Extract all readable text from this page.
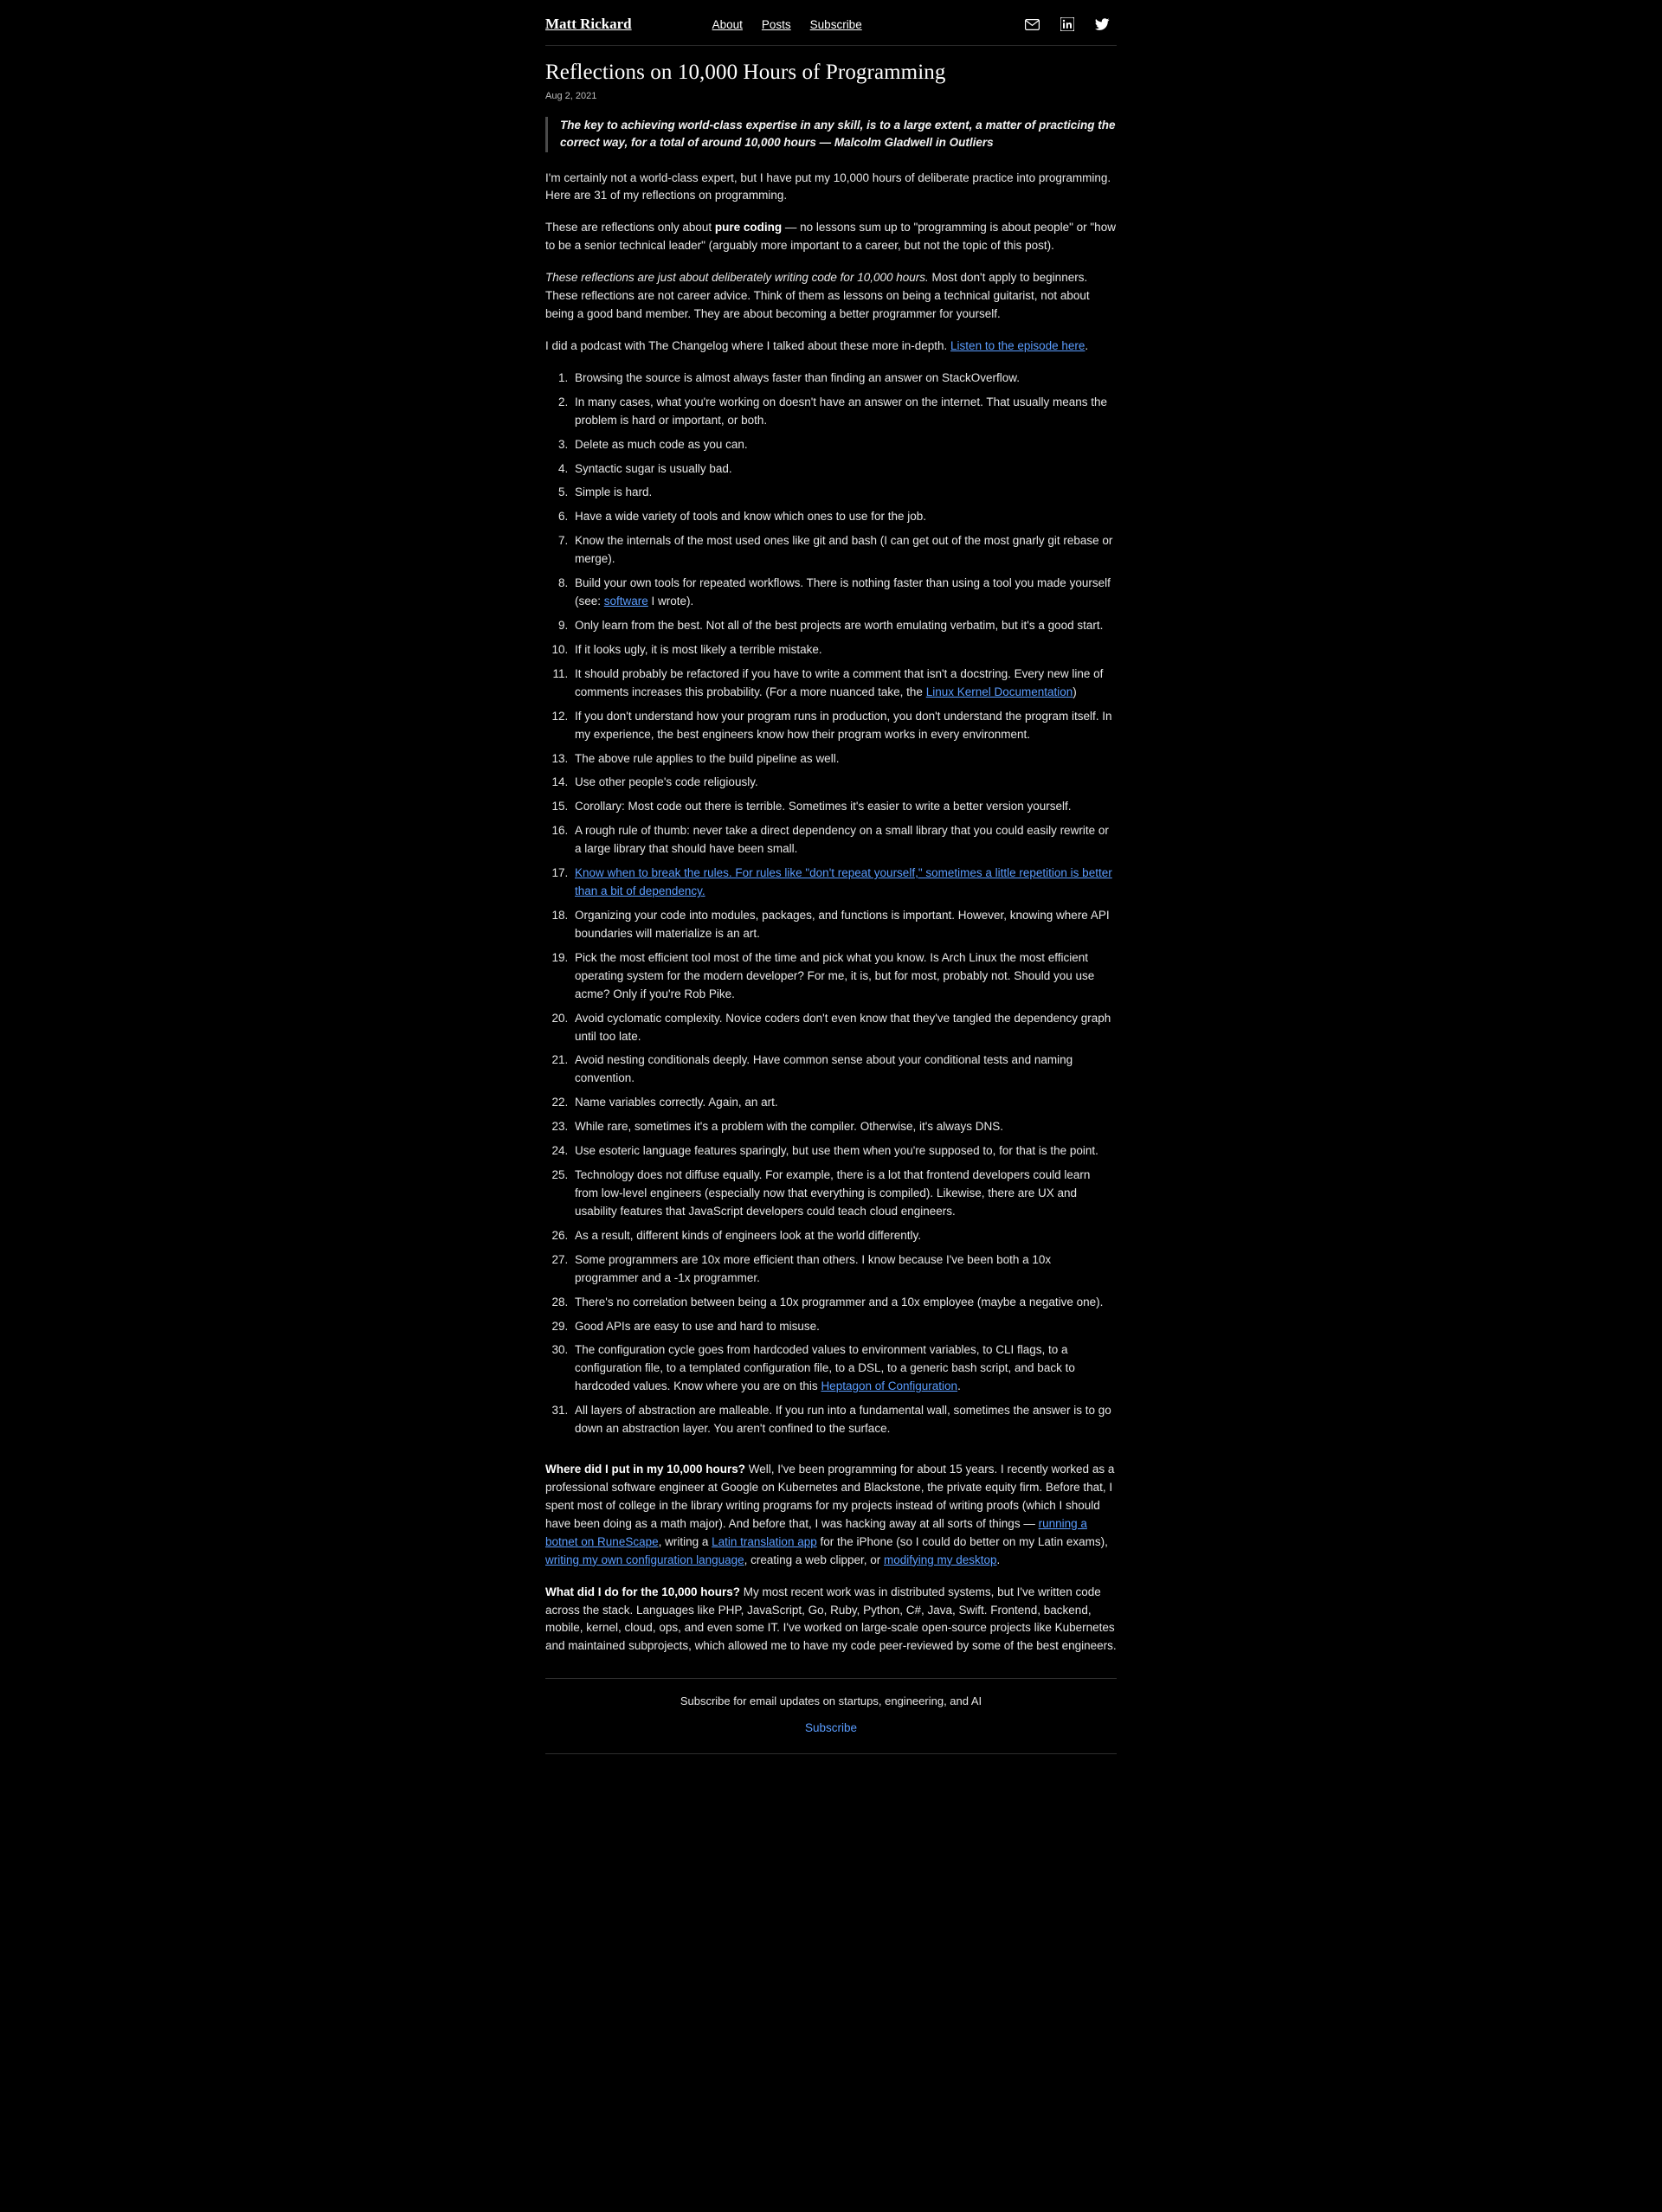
Matt Rickard	About Posts Subscribe
Reflections on 10,000 Hours of Programming
Aug 2, 2021
The key to achieving world-class expertise in any skill, is to a large extent, a matter of practicing the correct way, for a total of around 10,000 hours — Malcolm Gladwell in Outliers

I'm certainly not a world-class expert, but I have put my 10,000 hours of deliberate practice into programming. Here are 31 of my reflections on programming.

These are reflections only about pure coding — no lessons sum up to "programming is about people" or "how to be a senior technical leader" (arguably more important to a career, but not the topic of this post).

These reflections are just about deliberately writing code for 10,000 hours. Most don't apply to beginners. These reflections are not career advice. Think of them as lessons on being a technical guitarist, not about being a good band member. They are about becoming a better programmer for yourself.

I did a podcast with The Changelog where I talked about these more in-depth. Listen to the episode here.

1. Browsing the source is almost always faster than finding an answer on StackOverflow.
2. In many cases, what you're working on doesn't have an answer on the internet. That usually means the problem is hard or important, or both.
3. Delete as much code as you can.
4. Syntactic sugar is usually bad.
5. Simple is hard.
6. Have a wide variety of tools and know which ones to use for the job.
7. Know the internals of the most used ones like git and bash (I can get out of the most gnarly git rebase or merge).
8. Build your own tools for repeated workflows. There is nothing faster than using a tool you made yourself (see: software I wrote).
9. Only learn from the best. Not all of the best projects are worth emulating verbatim, but it's a good start.
10. If it looks ugly, it is most likely a terrible mistake.
11. It should probably be refactored if you have to write a comment that isn't a docstring. Every new line of comments increases this probability. (For a more nuanced take, the Linux Kernel Documentation)
12. If you don't understand how your program runs in production, you don't understand the program itself. In my experience, the best engineers know how their program works in every environment.
13. The above rule applies to the build pipeline as well.
14. Use other people's code religiously.
15. Corollary: Most code out there is terrible. Sometimes it's easier to write a better version yourself.
16. A rough rule of thumb: never take a direct dependency on a small library that you could easily rewrite or a large library that should have been small.
17. Know when to break the rules. For rules like "don't repeat yourself," sometimes a little repetition is better than a bit of dependency.
18. Organizing your code into modules, packages, and functions is important. However, knowing where API boundaries will materialize is an art.
19. Pick the most efficient tool most of the time and pick what you know. Is Arch Linux the most efficient operating system for the modern developer? For me, it is, but for most, probably not. Should you use acme? Only if you're Rob Pike.
20. Avoid cyclomatic complexity. Novice coders don't even know that they've tangled the dependency graph until too late.
21. Avoid nesting conditionals deeply. Have common sense about your conditional tests and naming convention.
22. Name variables correctly. Again, an art.
23. While rare, sometimes it's a problem with the compiler. Otherwise, it's always DNS.
24. Use esoteric language features sparingly, but use them when you're supposed to, for that is the point.
25. Technology does not diffuse equally. For example, there is a lot that frontend developers could learn from low-level engineers (especially now that everything is compiled). Likewise, there are UX and usability features that JavaScript developers could teach cloud engineers.
26. As a result, different kinds of engineers look at the world differently.
27. Some programmers are 10x more efficient than others. I know because I've been both a 10x programmer and a -1x programmer.
28. There's no correlation between being a 10x programmer and a 10x employee (maybe a negative one).
29. Good APIs are easy to use and hard to misuse.
30. The configuration cycle goes from hardcoded values to environment variables, to CLI flags, to a configuration file, to a templated configuration file, to a DSL, to a generic bash script, and back to hardcoded values. Know where you are on this Heptagon of Configuration.
31. All layers of abstraction are malleable. If you run into a fundamental wall, sometimes the answer is to go down an abstraction layer. You aren't confined to the surface.

Where did I put in my 10,000 hours? Well, I've been programming for about 15 years. I recently worked as a professional software engineer at Google on Kubernetes and Blackstone, the private equity firm. Before that, I spent most of college in the library writing programs for my projects instead of writing proofs (which I should have been doing as a math major). And before that, I was hacking away at all sorts of things — running a botnet on RuneScape, writing a Latin translation app for the iPhone (so I could do better on my Latin exams), writing my own configuration language, creating a web clipper, or modifying my desktop.

What did I do for the 10,000 hours? My most recent work was in distributed systems, but I've written code across the stack. Languages like PHP, JavaScript, Go, Ruby, Python, C#, Java, Swift. Frontend, backend, mobile, kernel, cloud, ops, and even some IT. I've worked on large-scale open-source projects like Kubernetes and maintained subprojects, which allowed me to have my code peer-reviewed by some of the best engineers.

Subscribe for email updates on startups, engineering, and AI
Subscribe
